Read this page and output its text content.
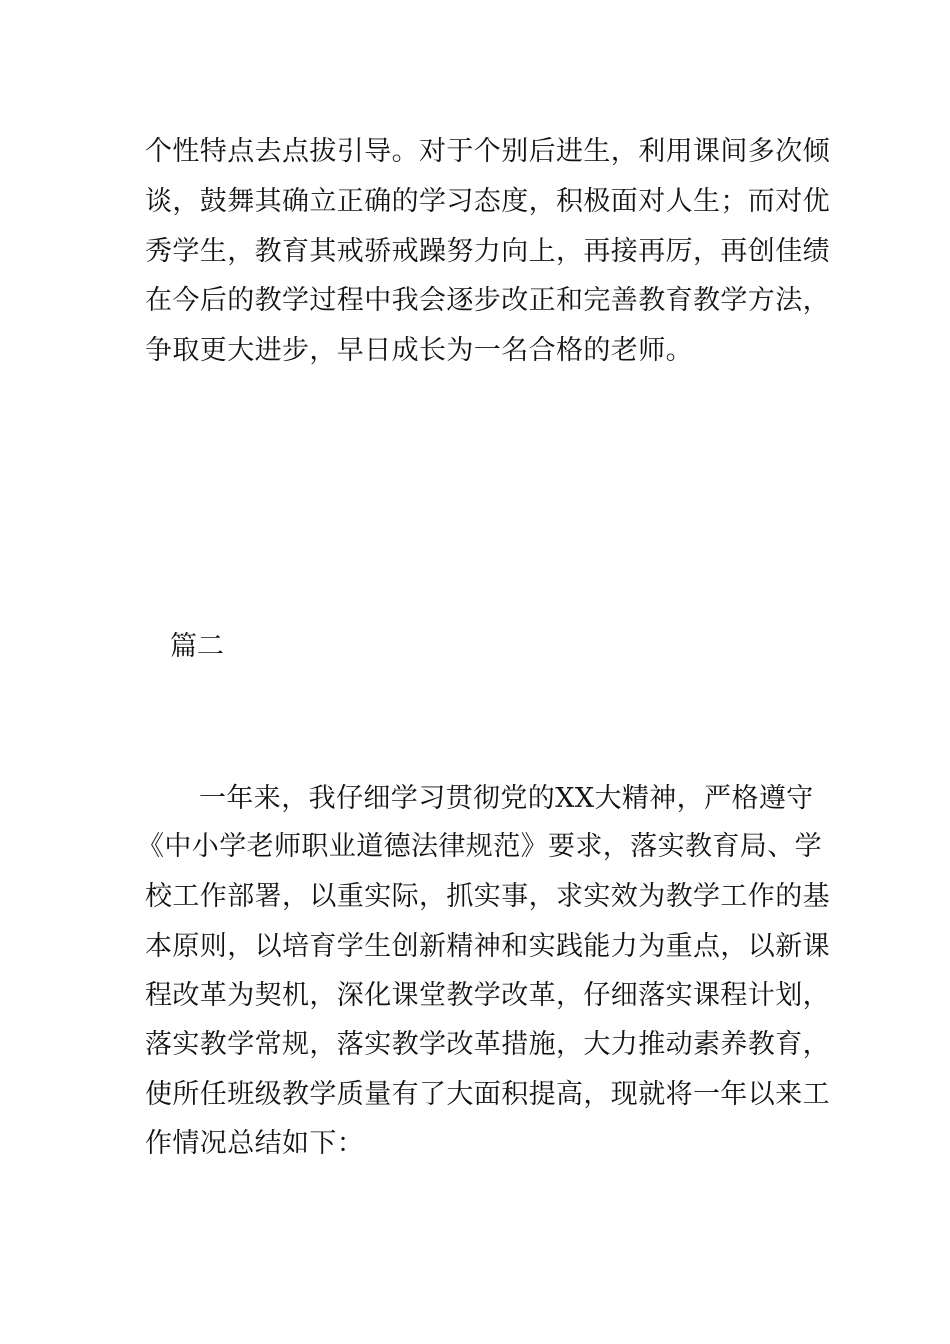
个性特点去点拔引导。对于个别后进生，利用课间多次倾
谈，鼓舞其确立正确的学习态度，积极面对人生；而对优
秀学生，教育其戒骄戒躁努力向上，再接再厉，再创佳绩
在今后的教学过程中我会逐步改正和完善教育教学方法，
争取更大进步，早日成长为一名合格的老师。
篇二
一年来，我仔细学习贯彻党的XX大精神，严格遵守
《中小学老师职业道德法律规范》要求，落实教育局、学
校工作部署，以重实际，抓实事，求实效为教学工作的基
本原则，以培育学生创新精神和实践能力为重点，以新课
程改革为契机，深化课堂教学改革，仔细落实课程计划，
落实教学常规，落实教学改革措施，大力推动素养教育，
使所任班级教学质量有了大面积提高，现就将一年以来工
作情况总结如下：
